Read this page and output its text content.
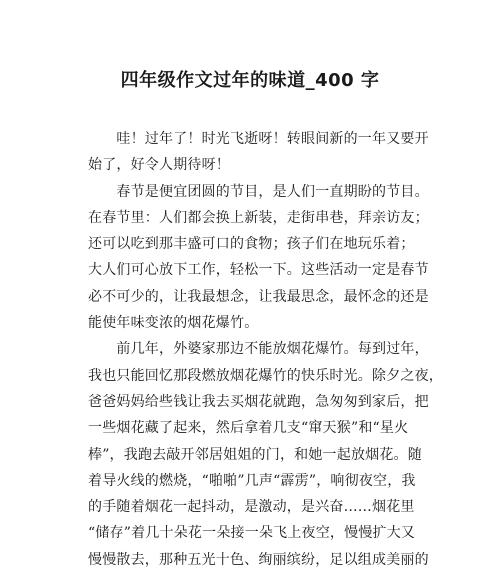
四年级作文过年的味道_400 字
　　哇！过年了！时光飞逝呀！转眼间新的一年又要开
始了，好令人期待呀！
　　春节是便宜团圆的节目，是人们一直期盼的节目。
在春节里：人们都会换上新装，走街串巷，拜亲访友；
还可以吃到那丰盛可口的食物；孩子们在地玩乐着；
大人们可心放下工作，轻松一下。这些活动一定是春节
必不可少的，让我最想念，让我最思念，最怀念的还是
能使年味变浓的烟花爆竹。
　　前几年，外婆家那边不能放烟花爆竹。每到过年，
我也只能回忆那段燃放烟花爆竹的快乐时光。除夕之夜，
爸爸妈妈给些钱让我去买烟花就跑，急匆匆到家后，把
一些烟花藏了起来，然后拿着几支“窜天猴”和“星火
棒”，我跑去敲开邻居姐姐的门，和她一起放烟花。随
着导火线的燃烧，“啪啪”几声“霹雳”，响彻夜空，我
的手随着烟花一起抖动，是激动，是兴奋……烟花里
“储存”着几十朵花一朵接一朵飞上夜空，慢慢扩大又
慢慢散去，那种五光十色、绚丽缤纷，足以组成美丽的
